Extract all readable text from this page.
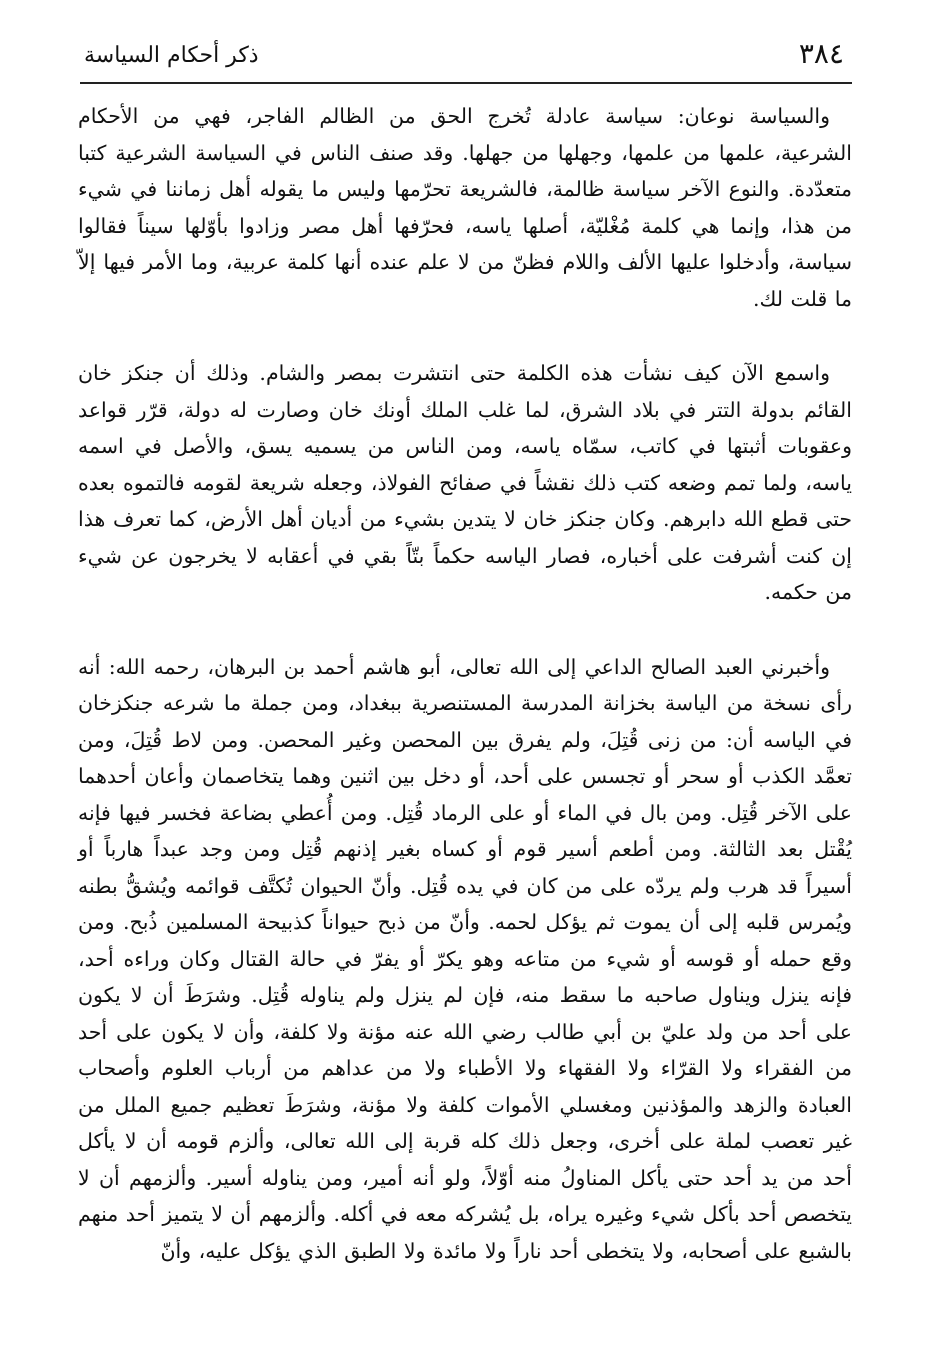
٣٨٤
ذكر أحكام السياسة

والسياسة نوعان: سياسة عادلة تُخرج الحق من الظالم الفاجر، فهي من الأحكام الشرعية، علمها من علمها، وجهلها من جهلها. وقد صنف الناس في السياسة الشرعية كتبا متعدّدة. والنوع الآخر سياسة ظالمة، فالشريعة تحرّمها وليس ما يقوله أهل زماننا في شيء من هذا، وإنما هي كلمة مُغْليّة، أصلها ياسه، فحرّفها أهل مصر وزادوا بأوّلها سيناً فقالوا سياسة، وأدخلوا عليها الألف واللام فظنّ من لا علم عنده أنها كلمة عربية، وما الأمر فيها إلاّ ما قلت لك.

واسمع الآن كيف نشأت هذه الكلمة حتى انتشرت بمصر والشام. وذلك أن جنكز خان القائم بدولة التتر في بلاد الشرق، لما غلب الملك أونك خان وصارت له دولة، قرّر قواعد وعقوبات أثبتها في كاتب، سمّاه ياسه، ومن الناس من يسميه يسق، والأصل في اسمه ياسه، ولما تمم وضعه كتب ذلك نقشاً في صفائح الفولاذ، وجعله شريعة لقومه فالتموه بعده حتى قطع الله دابرهم. وكان جنكز خان لا يتدين بشيء من أديان أهل الأرض، كما تعرف هذا إن كنت أشرفت على أخباره، فصار الياسه حكماً بتّاً بقي في أعقابه لا يخرجون عن شيء من حكمه.

وأخبرني العبد الصالح الداعي إلى الله تعالى، أبو هاشم أحمد بن البرهان، رحمه الله: أنه رأى نسخة من الياسة بخزانة المدرسة المستنصرية ببغداد، ومن جملة ما شرعه جنكزخان في الياسه أن: من زنى قُتِلَ، ولم يفرق بين المحصن وغير المحصن. ومن لاط قُتِلَ، ومن تعمَّد الكذب أو سحر أو تجسس على أحد، أو دخل بين اثنين وهما يتخاصمان وأعان أحدهما على الآخر قُتِل. ومن بال في الماء أو على الرماد قُتِل. ومن أُعطي بضاعة فخسر فيها فإنه يُقْتل بعد الثالثة. ومن أطعم أسير قوم أو كساه بغير إذنهم قُتِل ومن وجد عبداً هارباً أو أسيراً قد هرب ولم يردّه على من كان في يده قُتِل. وأنّ الحيوان تُكتَّف قوائمه ويُشقُّ بطنه ويُمرس قلبه إلى أن يموت ثم يؤكل لحمه. وأنّ من ذبح حيواناً كذبيحة المسلمين ذُبح. ومن وقع حمله أو قوسه أو شيء من متاعه وهو يكرّ أو يفرّ في حالة القتال وكان وراءه أحد، فإنه ينزل ويناول صاحبه ما سقط منه، فإن لم ينزل ولم يناوله قُتِل. وشرَطَ أن لا يكون على أحد من ولد عليّ بن أبي طالب رضي الله عنه مؤنة ولا كلفة، وأن لا يكون على أحد من الفقراء ولا القرّاء ولا الفقهاء ولا الأطباء ولا من عداهم من أرباب العلوم وأصحاب العبادة والزهد والمؤذنين ومغسلي الأموات كلفة ولا مؤنة، وشرَطَ تعظيم جميع الملل من غير تعصب لملة على أخرى، وجعل ذلك كله قربة إلى الله تعالى، وألزم قومه أن لا يأكل أحد من يد أحد حتى يأكل المناولُ منه أوّلاً، ولو أنه أمير، ومن يناوله أسير. وألزمهم أن لا يتخصص أحد بأكل شيء وغيره يراه، بل يُشركه معه في أكله. وألزمهم أن لا يتميز أحد منهم بالشبع على أصحابه، ولا يتخطى أحد ناراً ولا مائدة ولا الطبق الذي يؤكل عليه، وأنّ
